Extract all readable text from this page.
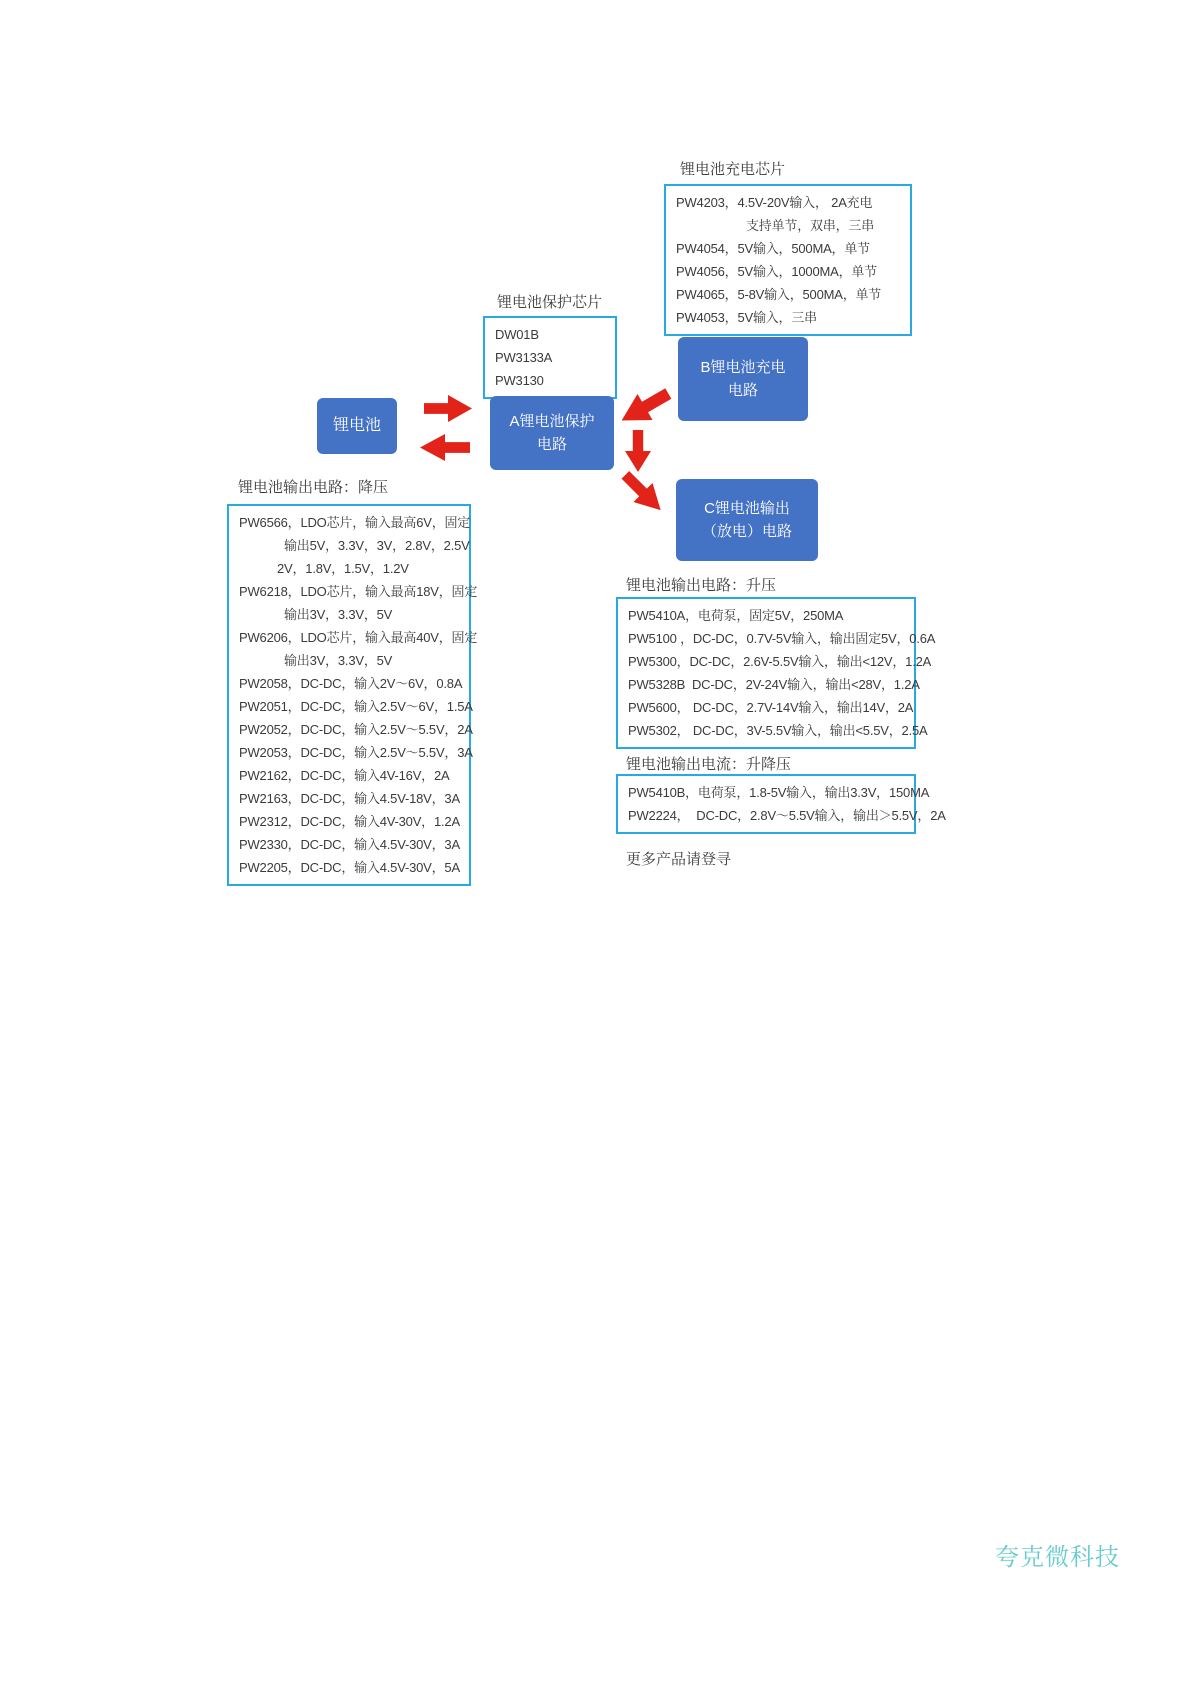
锂电池充电芯片
PW4203，4.5V-20V输入， 2A充电
支持单节，双串，三串
PW4054，5V输入，500MA，单节
PW4056，5V输入，1000MA，单节
PW4065，5-8V输入，500MA，单节
PW4053，5V输入，三串
锂电池保护芯片
DW01B
PW3133A
PW3130
锂电池	A锂电池保护
电路
B锂电池充电
电路
C锂电池输出
（放电）电路
锂电池输出电路：降压
PW6566，LDO芯片，输入最高6V，固定
输出5V，3.3V，3V，2.8V，2.5V
2V，1.8V，1.5V，1.2V
PW6218，LDO芯片，输入最高18V，固定
输出3V，3.3V，5V
PW6206，LDO芯片，输入最高40V，固定
输出3V，3.3V，5V
PW2058，DC-DC，输入2V～6V，0.8A
PW2051，DC-DC，输入2.5V～6V，1.5A
PW2052，DC-DC，输入2.5V～5.5V，2A
PW2053，DC-DC，输入2.5V～5.5V，3A
PW2162，DC-DC，输入4V-16V，2A
PW2163，DC-DC，输入4.5V-18V，3A
PW2312，DC-DC，输入4V-30V，1.2A
PW2330，DC-DC，输入4.5V-30V，3A
PW2205，DC-DC，输入4.5V-30V，5A
锂电池输出电路：升压
PW5410A，电荷泵，固定5V，250MA
PW5100 ，DC-DC，0.7V-5V输入，输出固定5V，0.6A
PW5300，DC-DC，2.6V-5.5V输入，输出<12V，1.2A
PW5328B  DC-DC，2V-24V输入，输出<28V，1.2A
PW5600， DC-DC，2.7V-14V输入，输出14V，2A
PW5302， DC-DC，3V-5.5V输入，输出<5.5V，2.5A
锂电池输出电流：升降压
PW5410B，电荷泵，1.8-5V输入，输出3.3V，150MA
PW2224，  DC-DC，2.8V～5.5V输入，输出＞5.5V，2A
更多产品请登寻
夸克微科技
